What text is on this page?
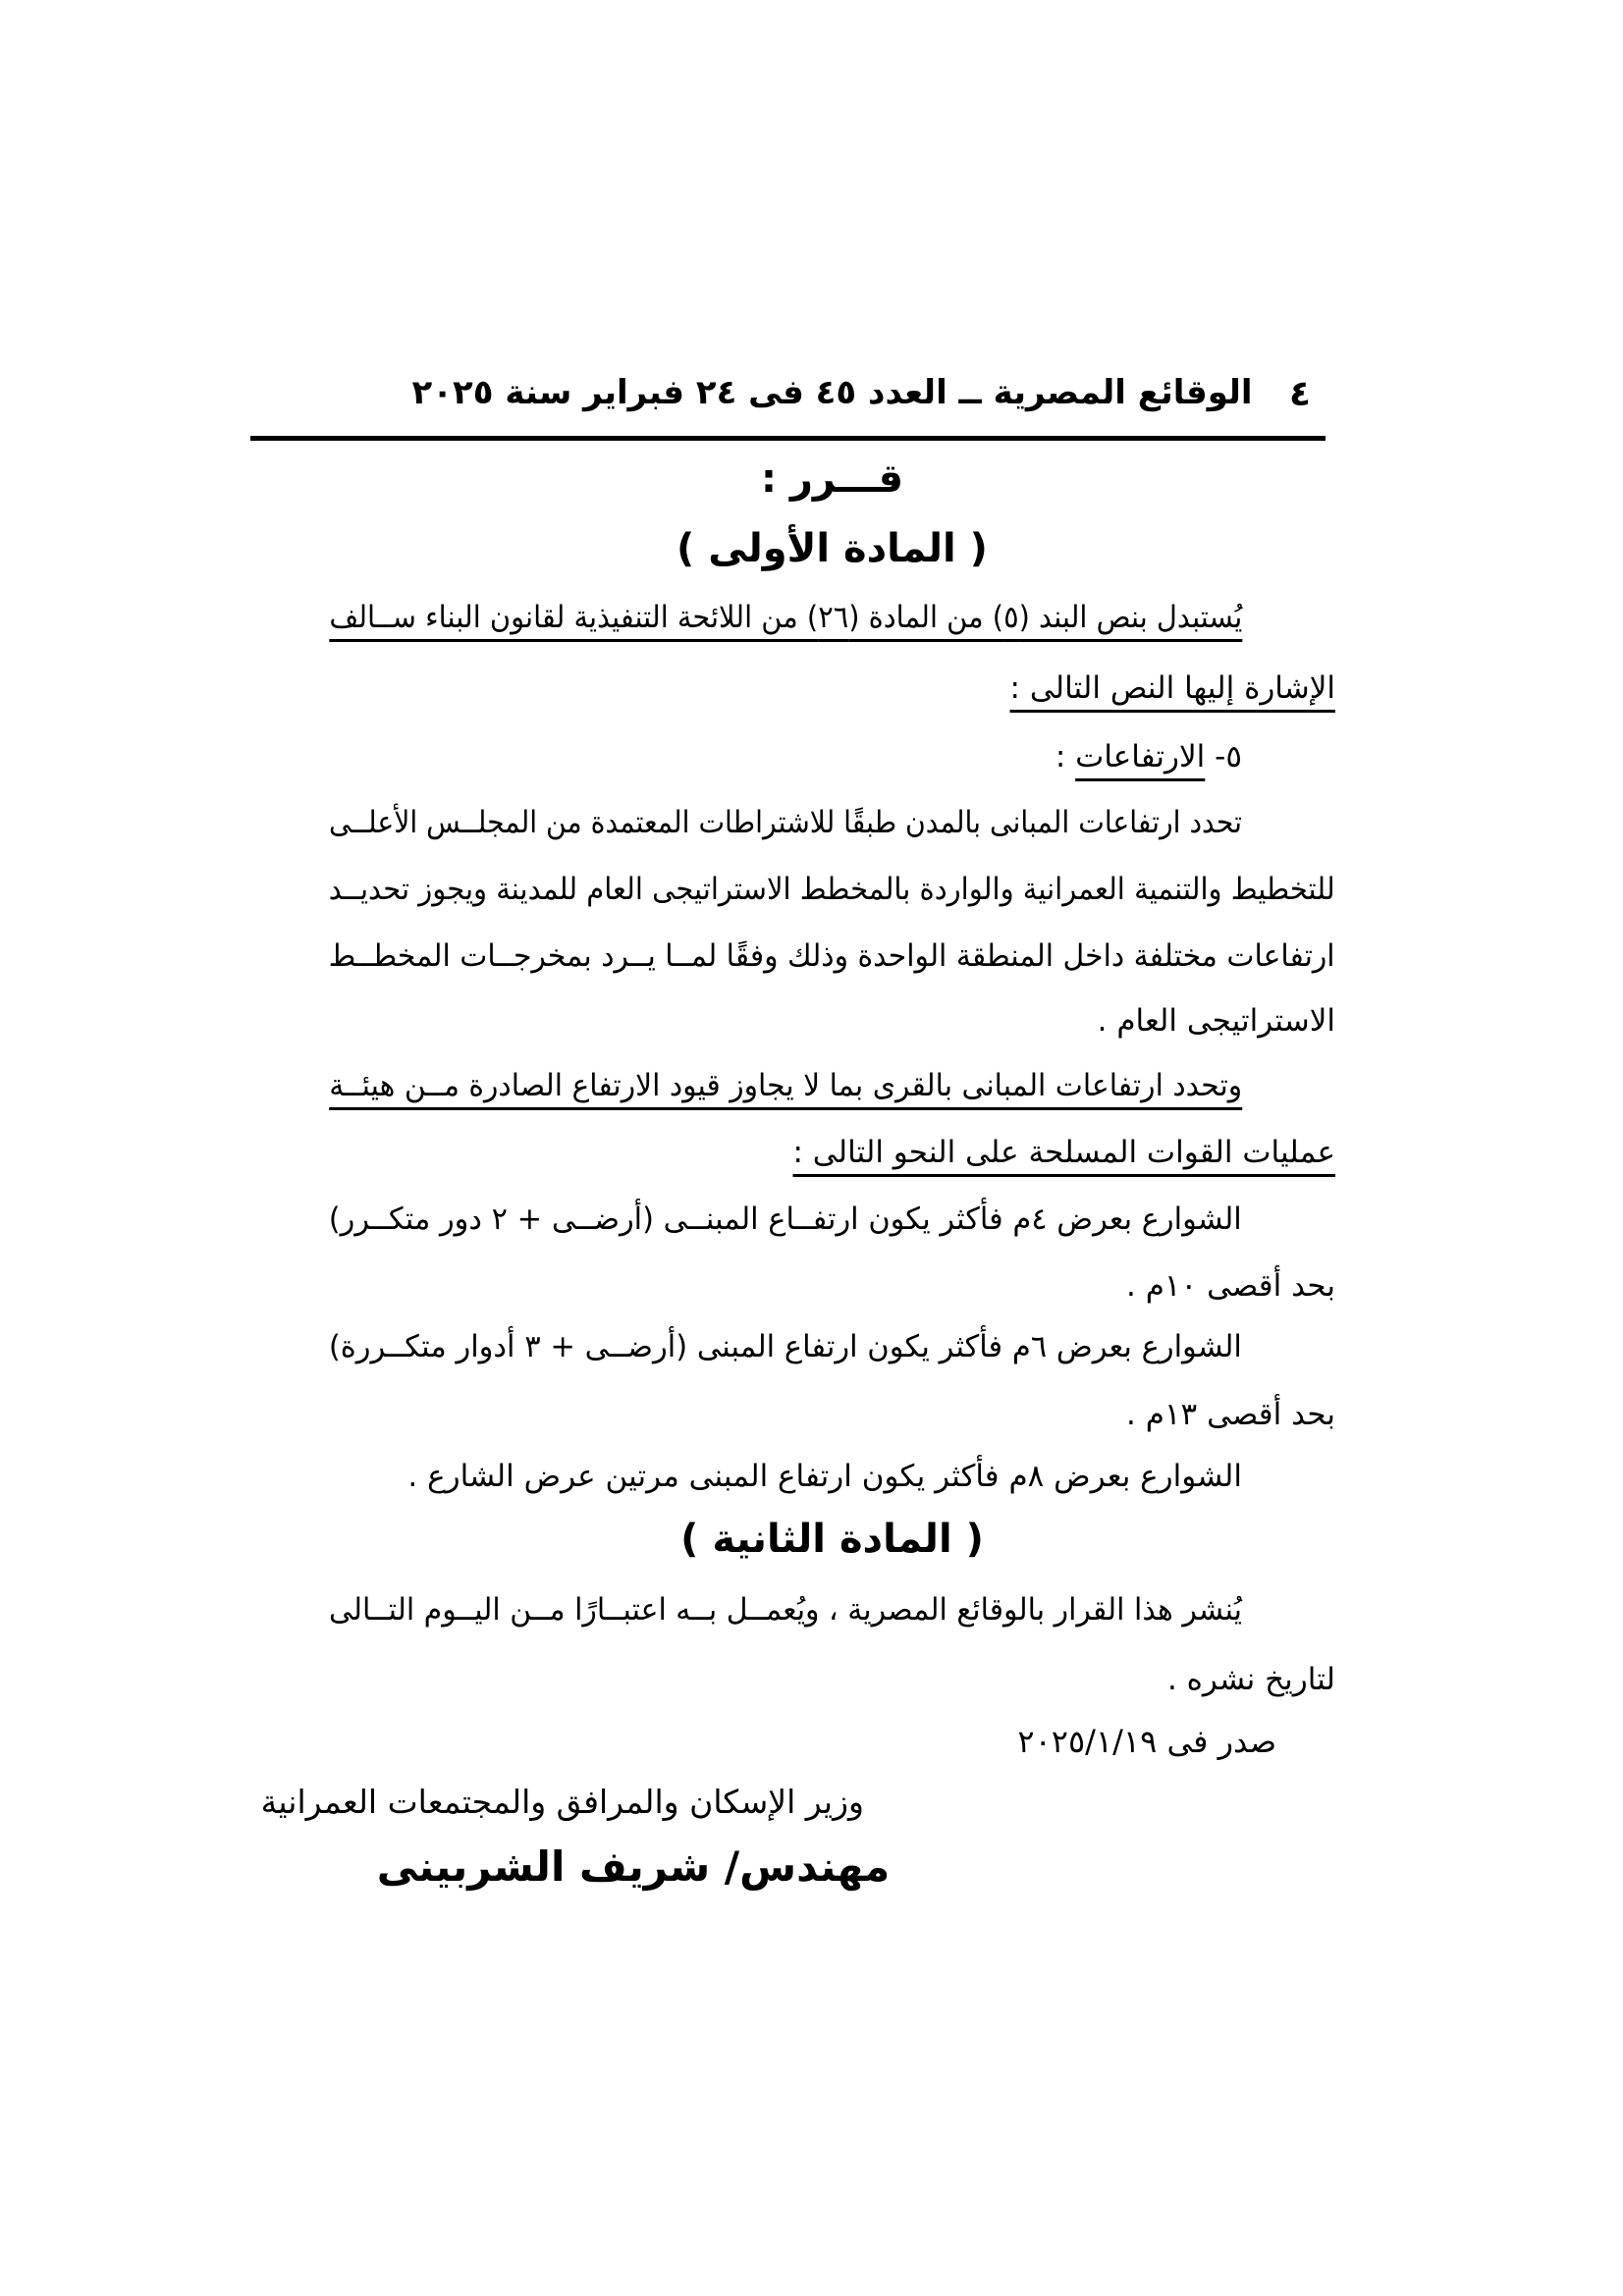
الوقائع المصرية ــ العدد ٤٥ فى ٢٤ فبراير سنة ٢٠٢٥	٤
قـــرر :
( المادة الأولى )
يُستبدل بنص البند (٥) من المادة (٢٦) من اللائحة التنفيذية لقانون البناء ســالف
الإشارة إليها النص التالى :
٥- الارتفاعات :
تحدد ارتفاعات المبانى بالمدن طبقًا للاشتراطات المعتمدة من المجلــس الأعلــى
للتخطيط والتنمية العمرانية والواردة بالمخطط الاستراتيجى العام للمدينة ويجوز تحديــد
ارتفاعات مختلفة داخل المنطقة الواحدة وذلك وفقًا لمــا يــرد بمخرجــات المخطــط
الاستراتيجى العام .
وتحدد ارتفاعات المبانى بالقرى بما لا يجاوز قيود الارتفاع الصادرة مــن هيئــة
عمليات القوات المسلحة على النحو التالى :
الشوارع بعرض ٤م فأكثر يكون ارتفــاع المبنــى (أرضــى + ٢ دور متكــرر)
بحد أقصى ١٠م .
الشوارع بعرض ٦م فأكثر يكون ارتفاع المبنى (أرضــى + ٣ أدوار متكــررة)
بحد أقصى ١٣م .
الشوارع بعرض ٨م فأكثر يكون ارتفاع المبنى مرتين عرض الشارع .
( المادة الثانية )
يُنشر هذا القرار بالوقائع المصرية ، ويُعمــل بــه اعتبــارًا مــن اليــوم التــالى
لتاريخ نشره .
صدر فى ٢٠٢٥/١/١٩
وزير الإسكان والمرافق والمجتمعات العمرانية
مهندس/ شريف الشربينى
